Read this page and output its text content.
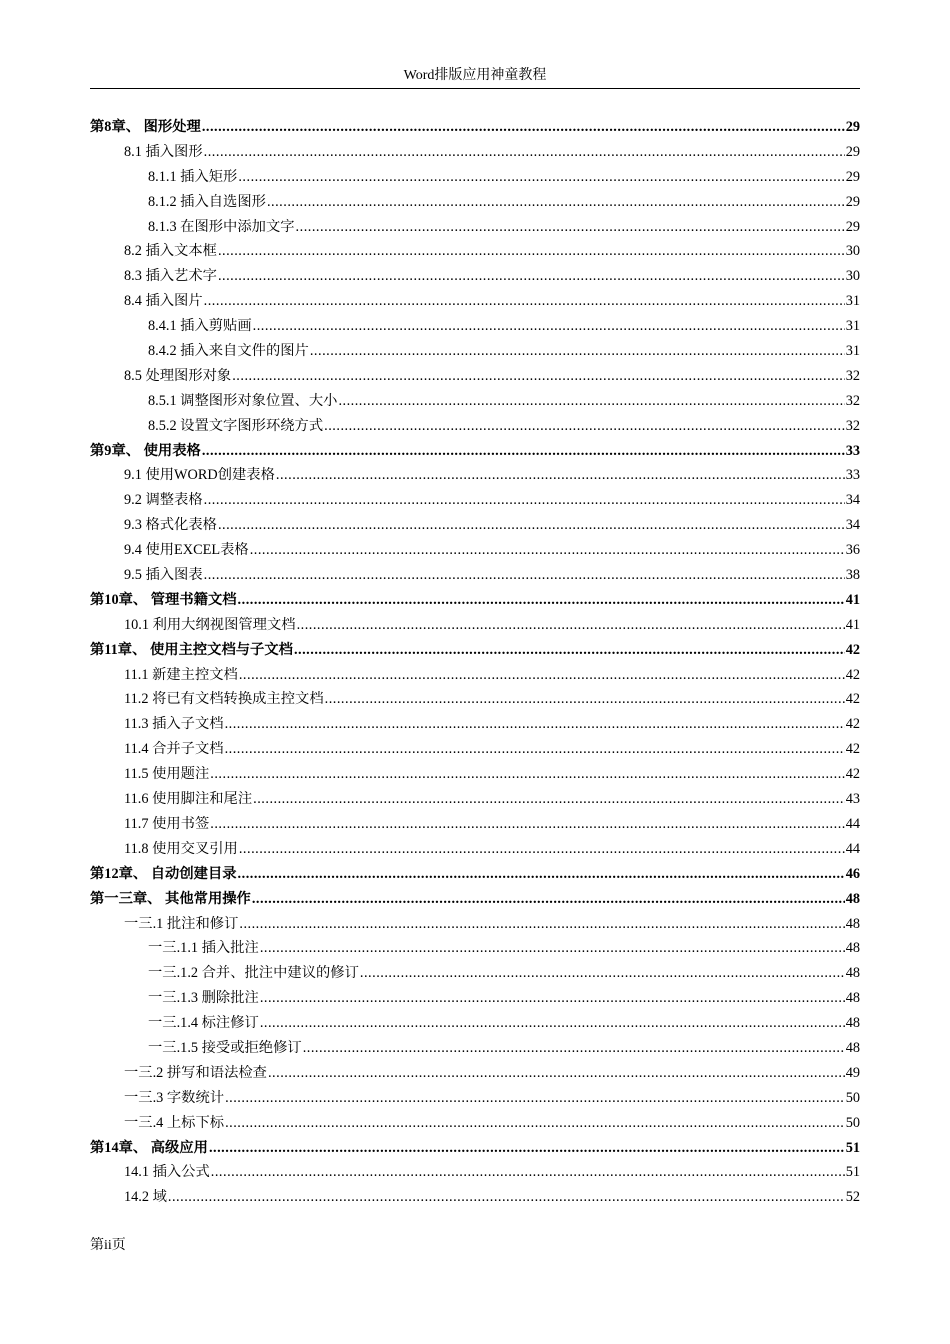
Word排版应用神童教程
第8章、 图形处理 .....	29
8.1 插入图形 .....	29
8.1.1 插入矩形 .....	29
8.1.2 插入自选图形 .....	29
8.1.3 在图形中添加文字 .....	29
8.2 插入文本框 .....	30
8.3 插入艺术字 .....	30
8.4 插入图片 .....	31
8.4.1 插入剪贴画 .....	31
8.4.2 插入来自文件的图片 .....	31
8.5 处理图形对象 .....	32
8.5.1 调整图形对象位置、大小 .....	32
8.5.2 设置文字图形环绕方式 .....	32
第9章、 使用表格 .....	33
9.1 使用WORD创建表格 .....	33
9.2 调整表格 .....	34
9.3 格式化表格 .....	34
9.4 使用EXCEL表格 .....	36
9.5 插入图表 .....	38
第10章、 管理书籍文档 .....	41
10.1 利用大纲视图管理文档 .....	41
第11章、 使用主控文档与子文档 .....	42
11.1 新建主控文档 .....	42
11.2 将已有文档转换成主控文档 .....	42
11.3 插入子文档 .....	42
11.4 合并子文档 .....	42
11.5 使用题注 .....	42
11.6 使用脚注和尾注 .....	43
11.7 使用书签 .....	44
11.8 使用交叉引用 .....	44
第12章、 自动创建目录 .....	46
第一三章、 其他常用操作 .....	48
一三.1 批注和修订 .....	48
一三.1.1 插入批注 .....	48
一三.1.2 合并、批注中建议的修订 .....	48
一三.1.3 删除批注 .....	48
一三.1.4 标注修订 .....	48
一三.1.5 接受或拒绝修订 .....	48
一三.2 拼写和语法检查 .....	49
一三.3 字数统计 .....	50
一三.4 上标下标 .....	50
第14章、 高级应用 .....	51
14.1 插入公式 .....	51
14.2 域 .....	52
第ii页
